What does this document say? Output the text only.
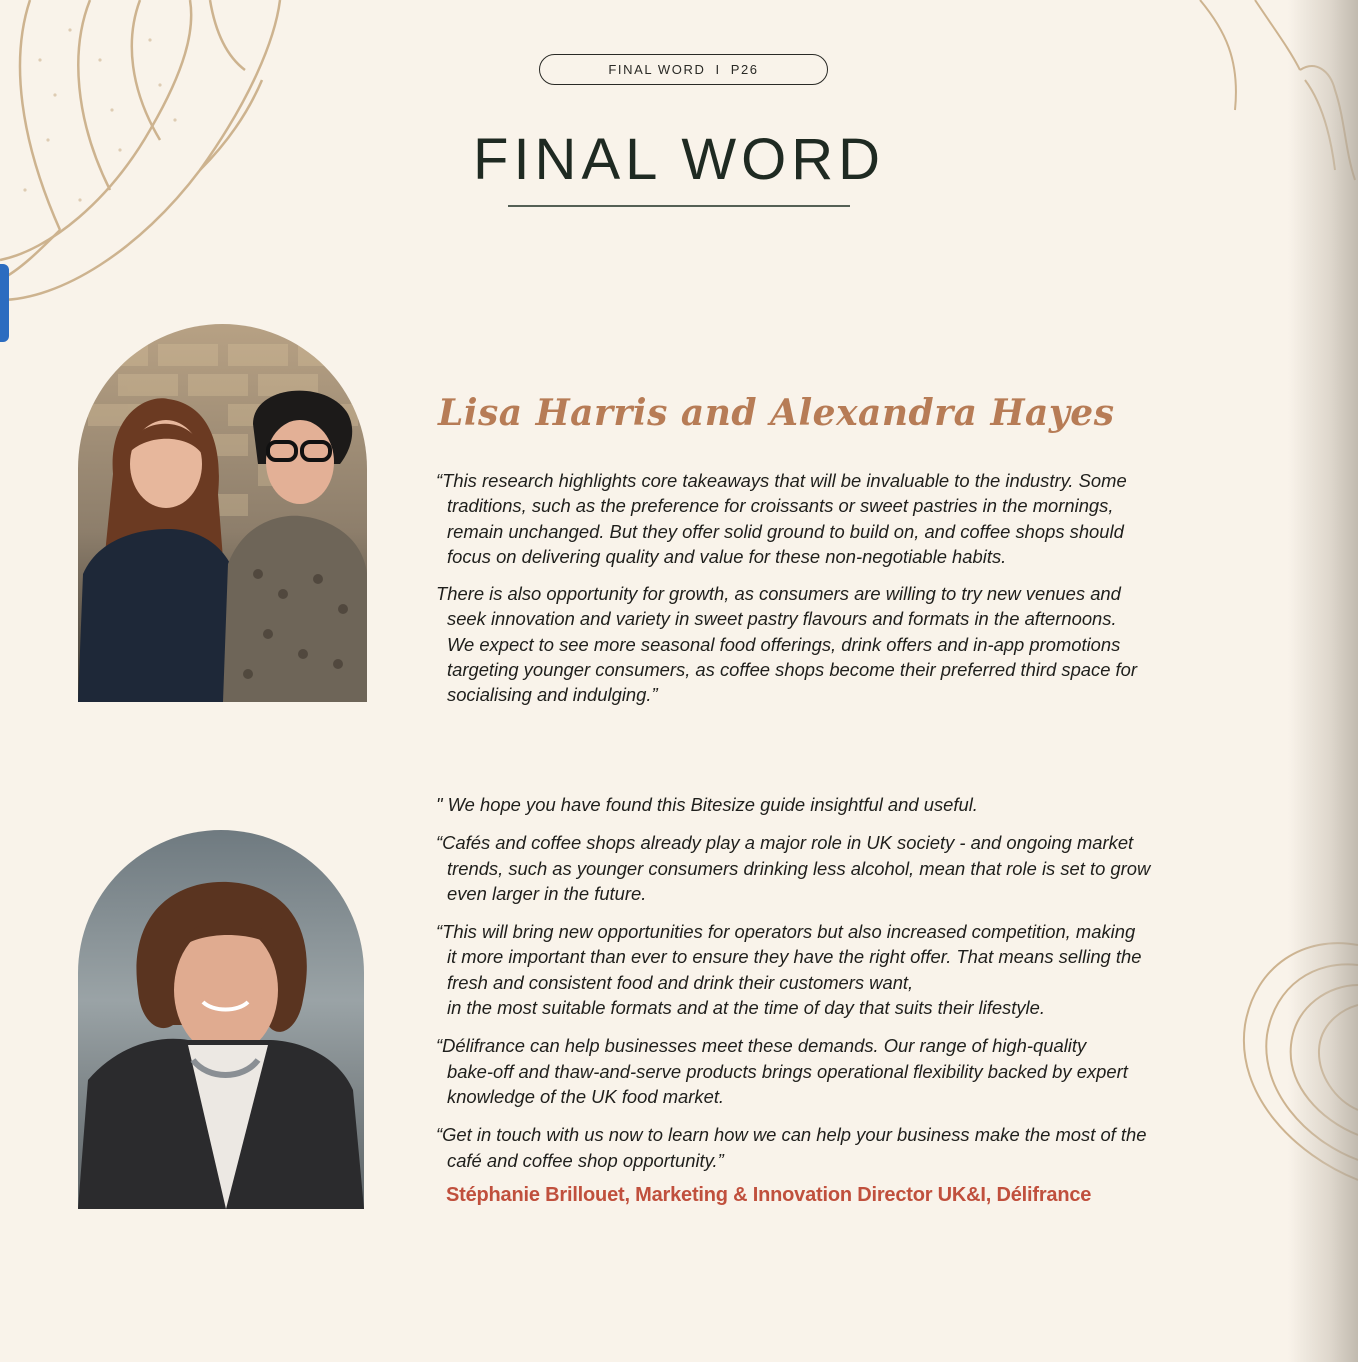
FINAL WORD I P26
FINAL WORD
Lisa Harris and Alexandra Hayes

“This research highlights core takeaways that will be invaluable to the industry. Some
traditions, such as the preference for croissants or sweet pastries in the mornings,
remain unchanged. But they offer solid ground to build on, and coffee shops should
focus on delivering quality and value for these non-negotiable habits.

There is also opportunity for growth, as consumers are willing to try new venues and
seek innovation and variety in sweet pastry flavours and formats in the afternoons.
We expect to see more seasonal food offerings, drink offers and in-app promotions
targeting younger consumers, as coffee shops become their preferred third space for
socialising and indulging.”

" We hope you have found this Bitesize guide insightful and useful.

“Cafés and coffee shops already play a major role in UK society - and ongoing market
trends, such as younger consumers drinking less alcohol, mean that role is set to grow
even larger in the future.

“This will bring new opportunities for operators but also increased competition, making
it more important than ever to ensure they have the right offer. That means selling the
fresh and consistent food and drink their customers want,
in the most suitable formats and at the time of day that suits their lifestyle.

“Délifrance can help businesses meet these demands. Our range of high-quality
bake-off and thaw-and-serve products brings operational flexibility backed by expert
knowledge of the UK food market.

“Get in touch with us now to learn how we can help your business make the most of the
café and coffee shop opportunity.”

Stéphanie Brillouet, Marketing & Innovation Director UK&I, Délifrance
